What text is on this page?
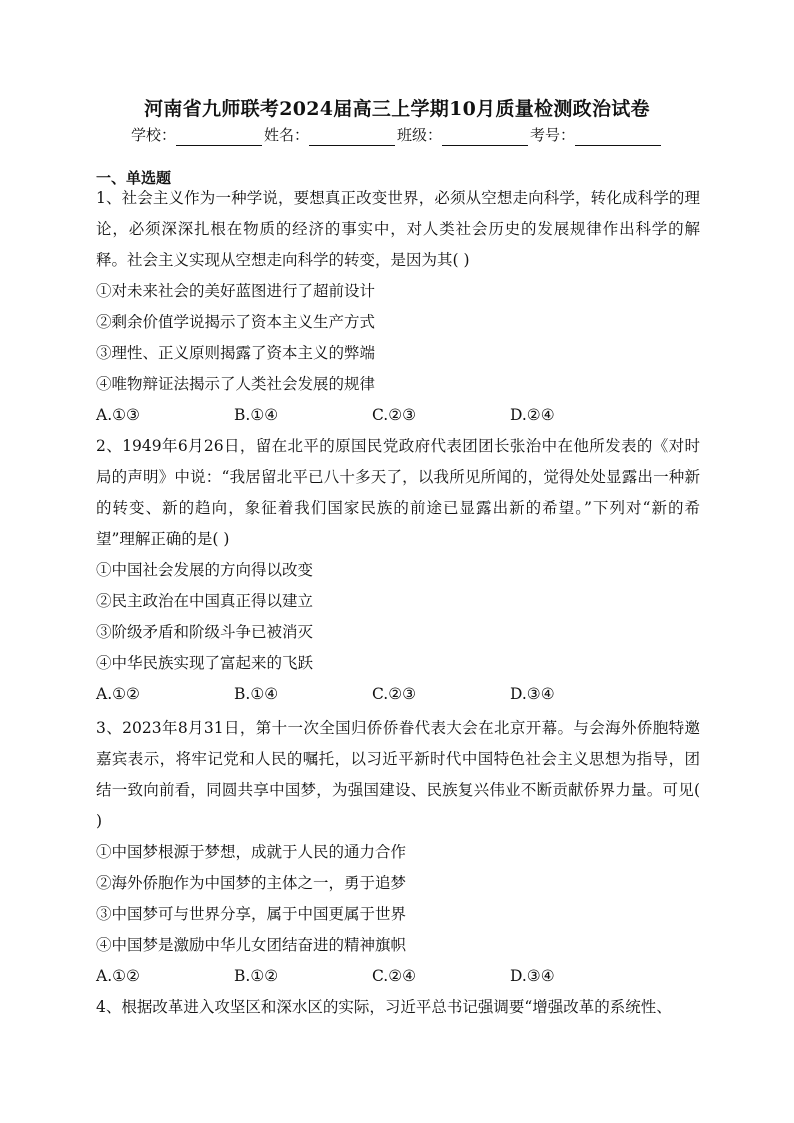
河南省九师联考2024届高三上学期10月质量检测政治试卷
学校：	姓名：	班级：	考号：
一、单选题
1、社会主义作为一种学说，要想真正改变世界，必须从空想走向科学，转化成科学的理论，必须深深扎根在物质的经济的事实中，对人类社会历史的发展规律作出科学的解释。社会主义实现从空想走向科学的转变，是因为其( )
①对未来社会的美好蓝图进行了超前设计
②剩余价值学说揭示了资本主义生产方式
③理性、正义原则揭露了资本主义的弊端
④唯物辩证法揭示了人类社会发展的规律
A.①③	B.①④	C.②③	D.②④
2、1949年6月26日，留在北平的原国民党政府代表团团长张治中在他所发表的《对时局的声明》中说：“我居留北平已八十多天了，以我所见所闻的，觉得处处显露出一种新的转变、新的趋向，象征着我们国家民族的前途已显露出新的希望。”下列对“新的希望”理解正确的是( )
①中国社会发展的方向得以改变
②民主政治在中国真正得以建立
③阶级矛盾和阶级斗争已被消灭
④中华民族实现了富起来的飞跃
A.①②	B.①④	C.②③	D.③④
3、2023年8月31日，第十一次全国归侨侨眷代表大会在北京开幕。与会海外侨胞特邀嘉宾表示，将牢记党和人民的嘱托，以习近平新时代中国特色社会主义思想为指导，团结一致向前看，同圆共享中国梦，为强国建设、民族复兴伟业不断贡献侨界力量。可见( )
①中国梦根源于梦想，成就于人民的通力合作
②海外侨胞作为中国梦的主体之一，勇于追梦
③中国梦可与世界分享，属于中国更属于世界
④中国梦是激励中华儿女团结奋进的精神旗帜
A.①②	B.①②	C.②④	D.③④
4、根据改革进入攻坚区和深水区的实际，习近平总书记强调要“增强改革的系统性、
